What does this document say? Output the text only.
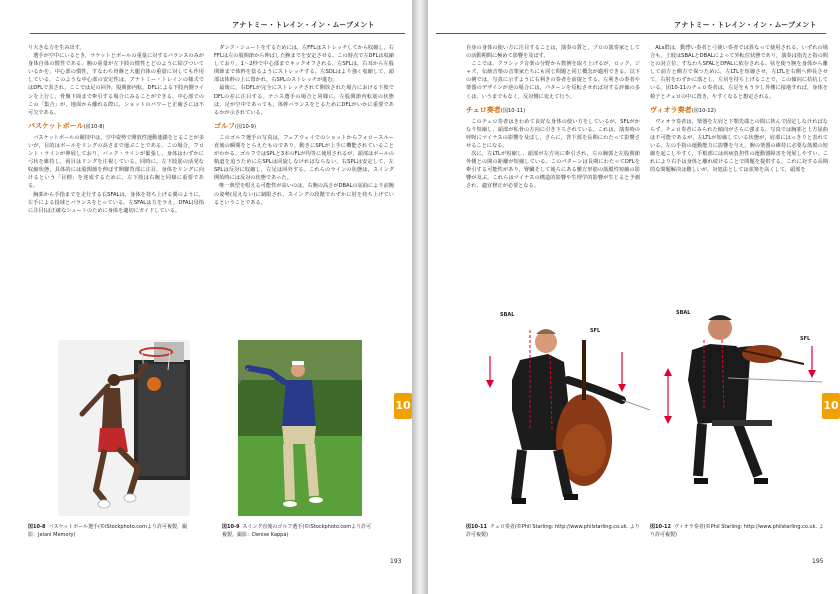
アナトミー・トレイン・イン・ムーブメント

り大きな力を生み出す。

選手が空中にいるとき，ラケットとボールの重量に対するバランスのみが身体自体の慣性である。腕の重量が左下肢の慣性とどのように結びついているかを，中心部の慣性，すなわち骨盤と大腿自体の重量に対しても作用している。このような中心部の安定性は，アナトミー・トレインの様式ではDFLで表され，ここでは足の回外，股関節内転，DFLによる下肢内側ラインを上行し，骨盤下面まで牽引する場合にみることができる。中心部でのこの「集合」が，地面から離れる際に，ショットのパワーと正確さには不可欠である。

バスケットボール(図10-8)

バスケットボールの競技中は，空中姿勢で開放性運動連鎖をとることが多いが，目的はボールをリングの高さまで運ぶことである。この場合，フロント・ラインが伸展しており，バック・ラインが緊張し，身体はわずかに弓状を維持し，両目はリングを注視している。同時に，左下肢筋の活発な収縮状態，具体的には股関節を伸ばす開脚背部に注目，身体をリングに向けるという「目標」を達成するために，左下肢は右腕と同様に重要である。

胸郭から手指までを走行する右SFALは，身体を持ち上げる翼のように，左手による投球とバランスをとっている。左SFALは力をラえ，DFAL(母指に注目)は正確なシュートのために身体を適切にガイドしている。

ダンク・シュートをするためには，左FFLはストレッチしてから収縮し，右FFLは左の股関節から伸ばした腕までを安定させる。この時点で左DFLは収縮しており，1〜2秒で中心部までキックオフされる。左SFLは，右耳から左股関節まで体幹を捻るようにストレッチする。左SDLはより強く収縮して，頭部は体幹の上に置かれ，右SPLのストレッチが進む。

最後に，右DFLが完全にストレッチされて開放された場合における下肢でDFLの差に注目する。テニス選手の場合と同様に，左股関節内転筋の状態は，足が空中であっても，体幹バランスをとるためにDFLがいかに重要であるかが示されている。

ゴルフ(図10-9)

このゴルフ選手の写真は，フェアウェイでのショットからフォロースルー直後の瞬間をとらえたものであり，動きにSPLが上手に機能されていることがわかる。ゴルフではSPLと3本のFLが均等に使用されるが，頭部はボールの軌道を追うために左SPLは回旋しなければならない。右SPLは安定して，左SPLは反対に収縮し，左足は回外する。これらのラインの状態は，スイング開始時には反対の状態であった。

唯一典型を唱える可能性が高いのは，右腕の高さがDBALの屈曲により前腕の姿勢(見えない)に制限され，スイングの段階でわずかに肘を持ち上げているということである。

図10-8 バスケットボール選手(©iStockphoto.comより許可複製，撮影：Jelani Memory)
図10-9 スイング直後のゴルフ選手(©iStockphoto.comより許可複製，撮影：Denise Kappa)
193
10
アナトミー・トレイン・イン・ムーブメント

自身の身体の使い方に注目することは，演奏の質と，プロの演奏家としての活動期間に極めて影響を及ぼす。

ここでは，クラシック音楽の分野から数例を取り上げるが，ロック，ジャズ，伝統音楽の音楽家たちにも同じ問題と同じ概念が適用できる。以下の例では，写真に示すように右利きの奏者を前提とする。左利きの奏者や楽器のデザインが逆の場合には，パターンを反転させれば対する評価の多くは，いうまでもなく，反対側に変えて行う。

チェロ奏者(図10-11)

このチェロ奏者はきわめて良好な身体の使い方をしているが，SFLがかなり短縮し，頭部が私骨の方向に引き下ろされている。これは，演奏時の呼吸にマイナスの影響を及ぼし，さらに，背下部を長期にわたって影響させることになる。

次に，左LTLが短縮し，頭部が左方向に牽引され，左の胸郭と左股関節外側との間の距離が短縮している。このパターンは長期にわたってDFLを牽引する可能性があり，腎臓そして後ろにある腰方形筋の筋膜性短縮の影響が及ぶ。これらはマイナスの構造的影響や生理学的影響が生じると予測され，適宜修正が必要となる。

ALs群は，動悸い奏者と弓使い奏者では異なって使用される。いずれの場合も，上肢はSBALとDBALによって外転位状態であり，演奏は指先と指の間との対立位，すなわちSFALとDFALに依存される。弦を使う腕を身体から離して前方と側方で保つために，左LTLを短縮させ，左LTLを右側へ伸長させて，右肘をわずかに落とし，左肩を持ち上げることで，この傾向に拮抗している。図10-11のチェロ奏者は，左足をもう少し外側に接地すれば，身体を椅子とチェロの中に置き，やすくなると想定される。

ヴィオラ奏者(図10-12)

ヴィオラ奏者は，楽器を左肩と下顎先端との間に挟んで固定しなければならず，チェロ奏者にみられた傾向がさらに強まる。写真では胸郭と上方屈曲は不可能であるが，左LTLが短縮している状態が，肩部にはっきりと表れている。左の手指の運動能力に影響を与え，腕の楽器の維持に必要な筋膜の短縮を起こしやすく，手根部には疾病負担性の運動器障害を発展しやすい。これにより右手は身体と離れ続けることで問題を提供する。これに対する長期的な問題解決は難しいが，対処法としては弦楽を高くして，頭部を

SBAL
SFL
図10-11 チェロ奏者(©Phil Starling: http://www.philstarling.co.uk. より許可複製)
SBAL
SFL
図10-12 ヴィオラ奏者(©Phil Starling: http://www.philstarling.co.uk. より許可複製)
195
10
